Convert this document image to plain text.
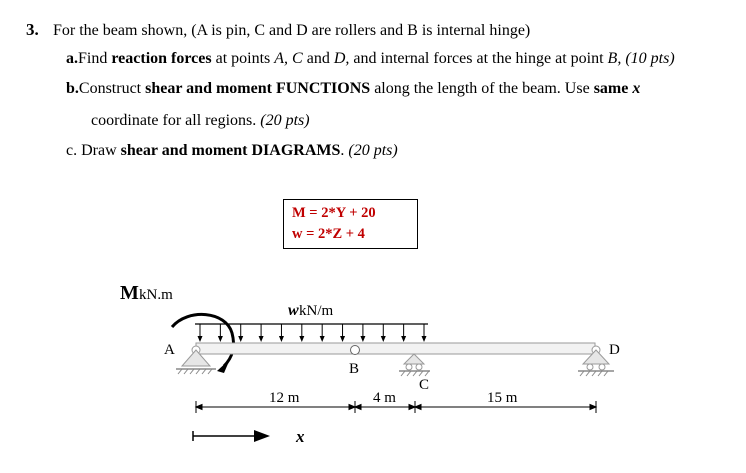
3. For the beam shown, (A is pin, C and D are rollers and B is internal hinge)
a.Find reaction forces at points A, C and D, and internal forces at the hinge at point B, (10 pts)
b.Construct shear and moment FUNCTIONS along the length of the beam. Use same x
coordinate for all regions. (20 pts)
c. Draw shear and moment DIAGRAMS. (20 pts)
M = 2*Y + 20
w = 2*Z + 4
M kN.m
w kN/m
A
B
C
D
12 m	4 m	15 m
x
